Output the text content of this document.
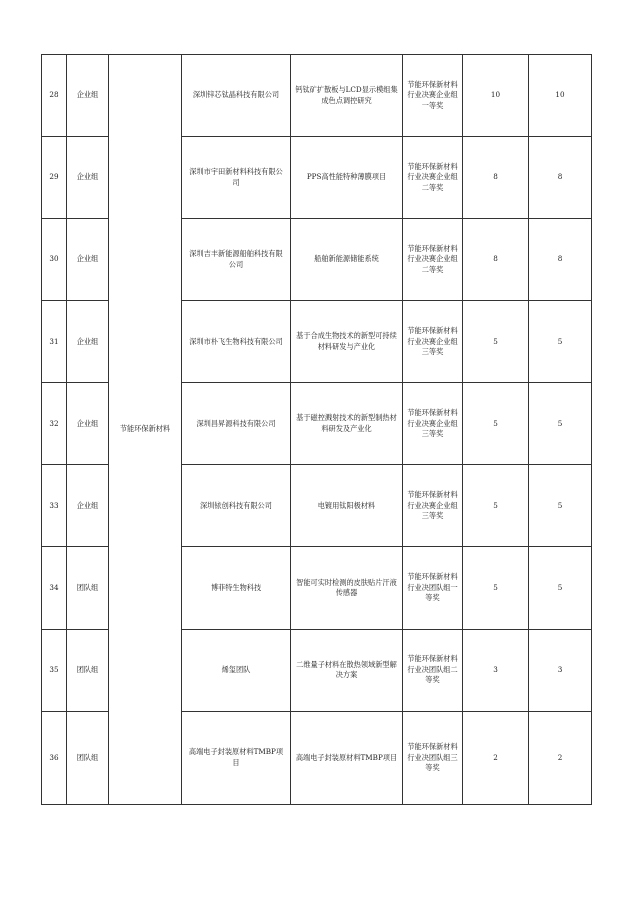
28	企业组	节能环保新材料	深圳锌芯钛晶科技有限公司	钙钛矿扩散板与LCD显示模组集成色点调控研究	节能环保新材料行业决赛企业组一等奖	10	10
29	企业组		深圳市宇田新材料科技有限公司	PPS高性能特种薄膜项目	节能环保新材料行业决赛企业组二等奖	8	8
30	企业组		深圳吉丰新能源船舶科技有限公司	船舶新能源储能系统	节能环保新材料行业决赛企业组二等奖	8	8
31	企业组		深圳市朴飞生物科技有限公司	基于合成生物技术的新型可持续材料研发与产业化	节能环保新材料行业决赛企业组三等奖	5	5
32	企业组		深圳昌昇源科技有限公司	基于磁控溅射技术的新型制热材料研发及产业化	节能环保新材料行业决赛企业组三等奖	5	5
33	企业组		深圳铱创科技有限公司	电镀用钛阳极材料	节能环保新材料行业决赛企业组三等奖	5	5
34	团队组		博菲特生物科技	智能可实时检测的皮肤贴片汗液传感器	节能环保新材料行业决团队组一等奖	5	5
35	团队组		烯玺团队	二维量子材料在散热领域新型解决方案	节能环保新材料行业决团队组二等奖	3	3
36	团队组		高端电子封装原材料TMBP项目	高端电子封装原材料TMBP项目	节能环保新材料行业决团队组三等奖	2	2
